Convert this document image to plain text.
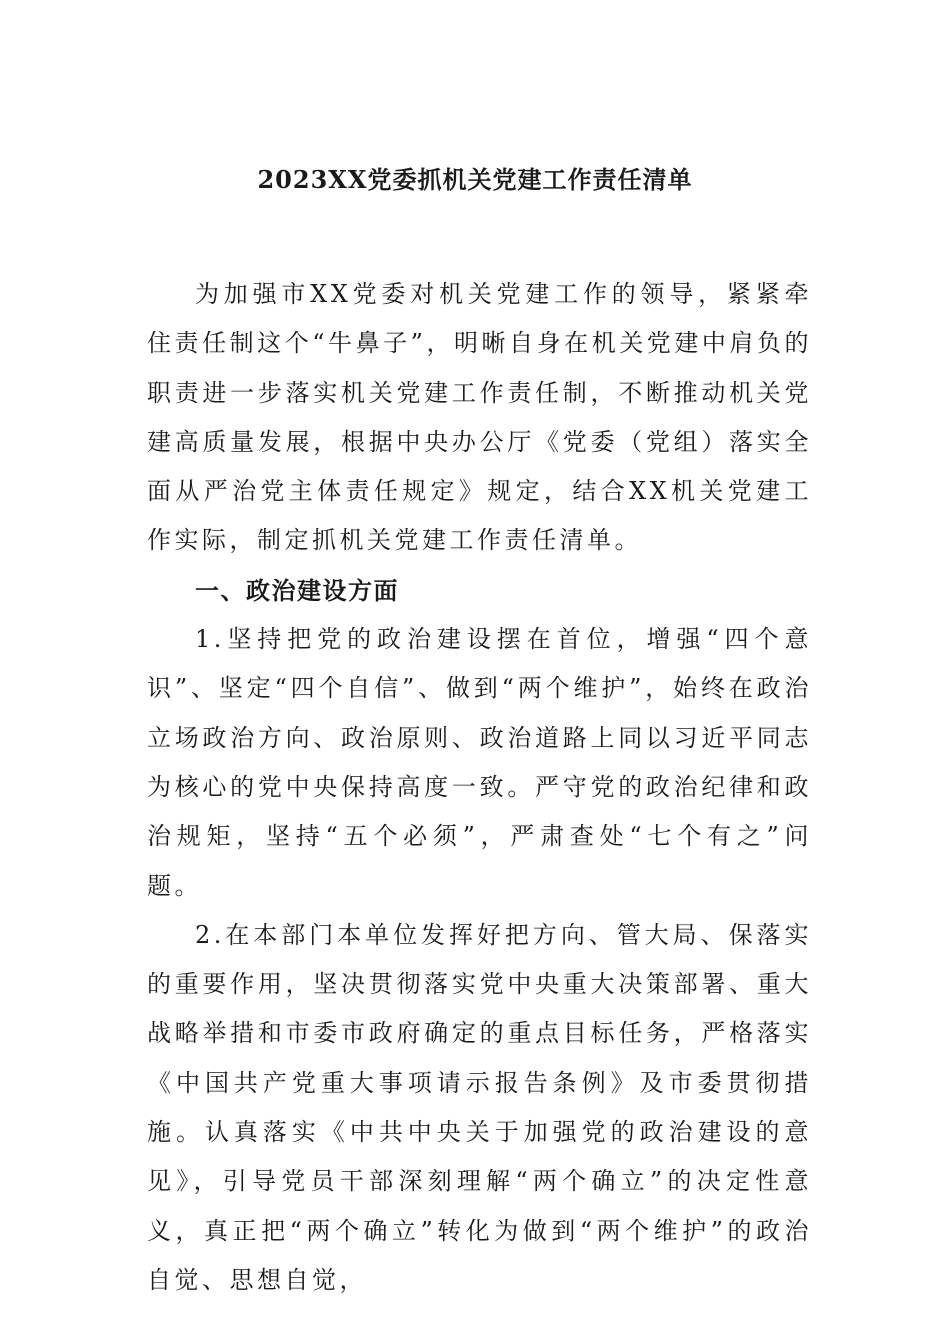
2023XX党委抓机关党建工作责任清单

为加强市XX党委对机关党建工作的领导，紧紧牵住责任制这个“牛鼻子”，明晰自身在机关党建中肩负的职责进一步落实机关党建工作责任制，不断推动机关党建高质量发展，根据中央办公厅《党委（党组）落实全面从严治党主体责任规定》规定，结合XX机关党建工作实际，制定抓机关党建工作责任清单。

一、政治建设方面

1.坚持把党的政治建设摆在首位，增强“四个意识”、坚定“四个自信”、做到“两个维护”，始终在政治立场政治方向、政治原则、政治道路上同以习近平同志为核心的党中央保持高度一致。严守党的政治纪律和政治规矩，坚持“五个必须”，严肃查处“七个有之”问题。

2.在本部门本单位发挥好把方向、管大局、保落实的重要作用，坚决贯彻落实党中央重大决策部署、重大战略举措和市委市政府确定的重点目标任务，严格落实《中国共产党重大事项请示报告条例》及市委贯彻措施。认真落实《中共中央关于加强党的政治建设的意见》，引导党员干部深刻理解“两个确立”的决定性意义，真正把“两个确立”转化为做到“两个维护”的政治自觉、思想自觉，
